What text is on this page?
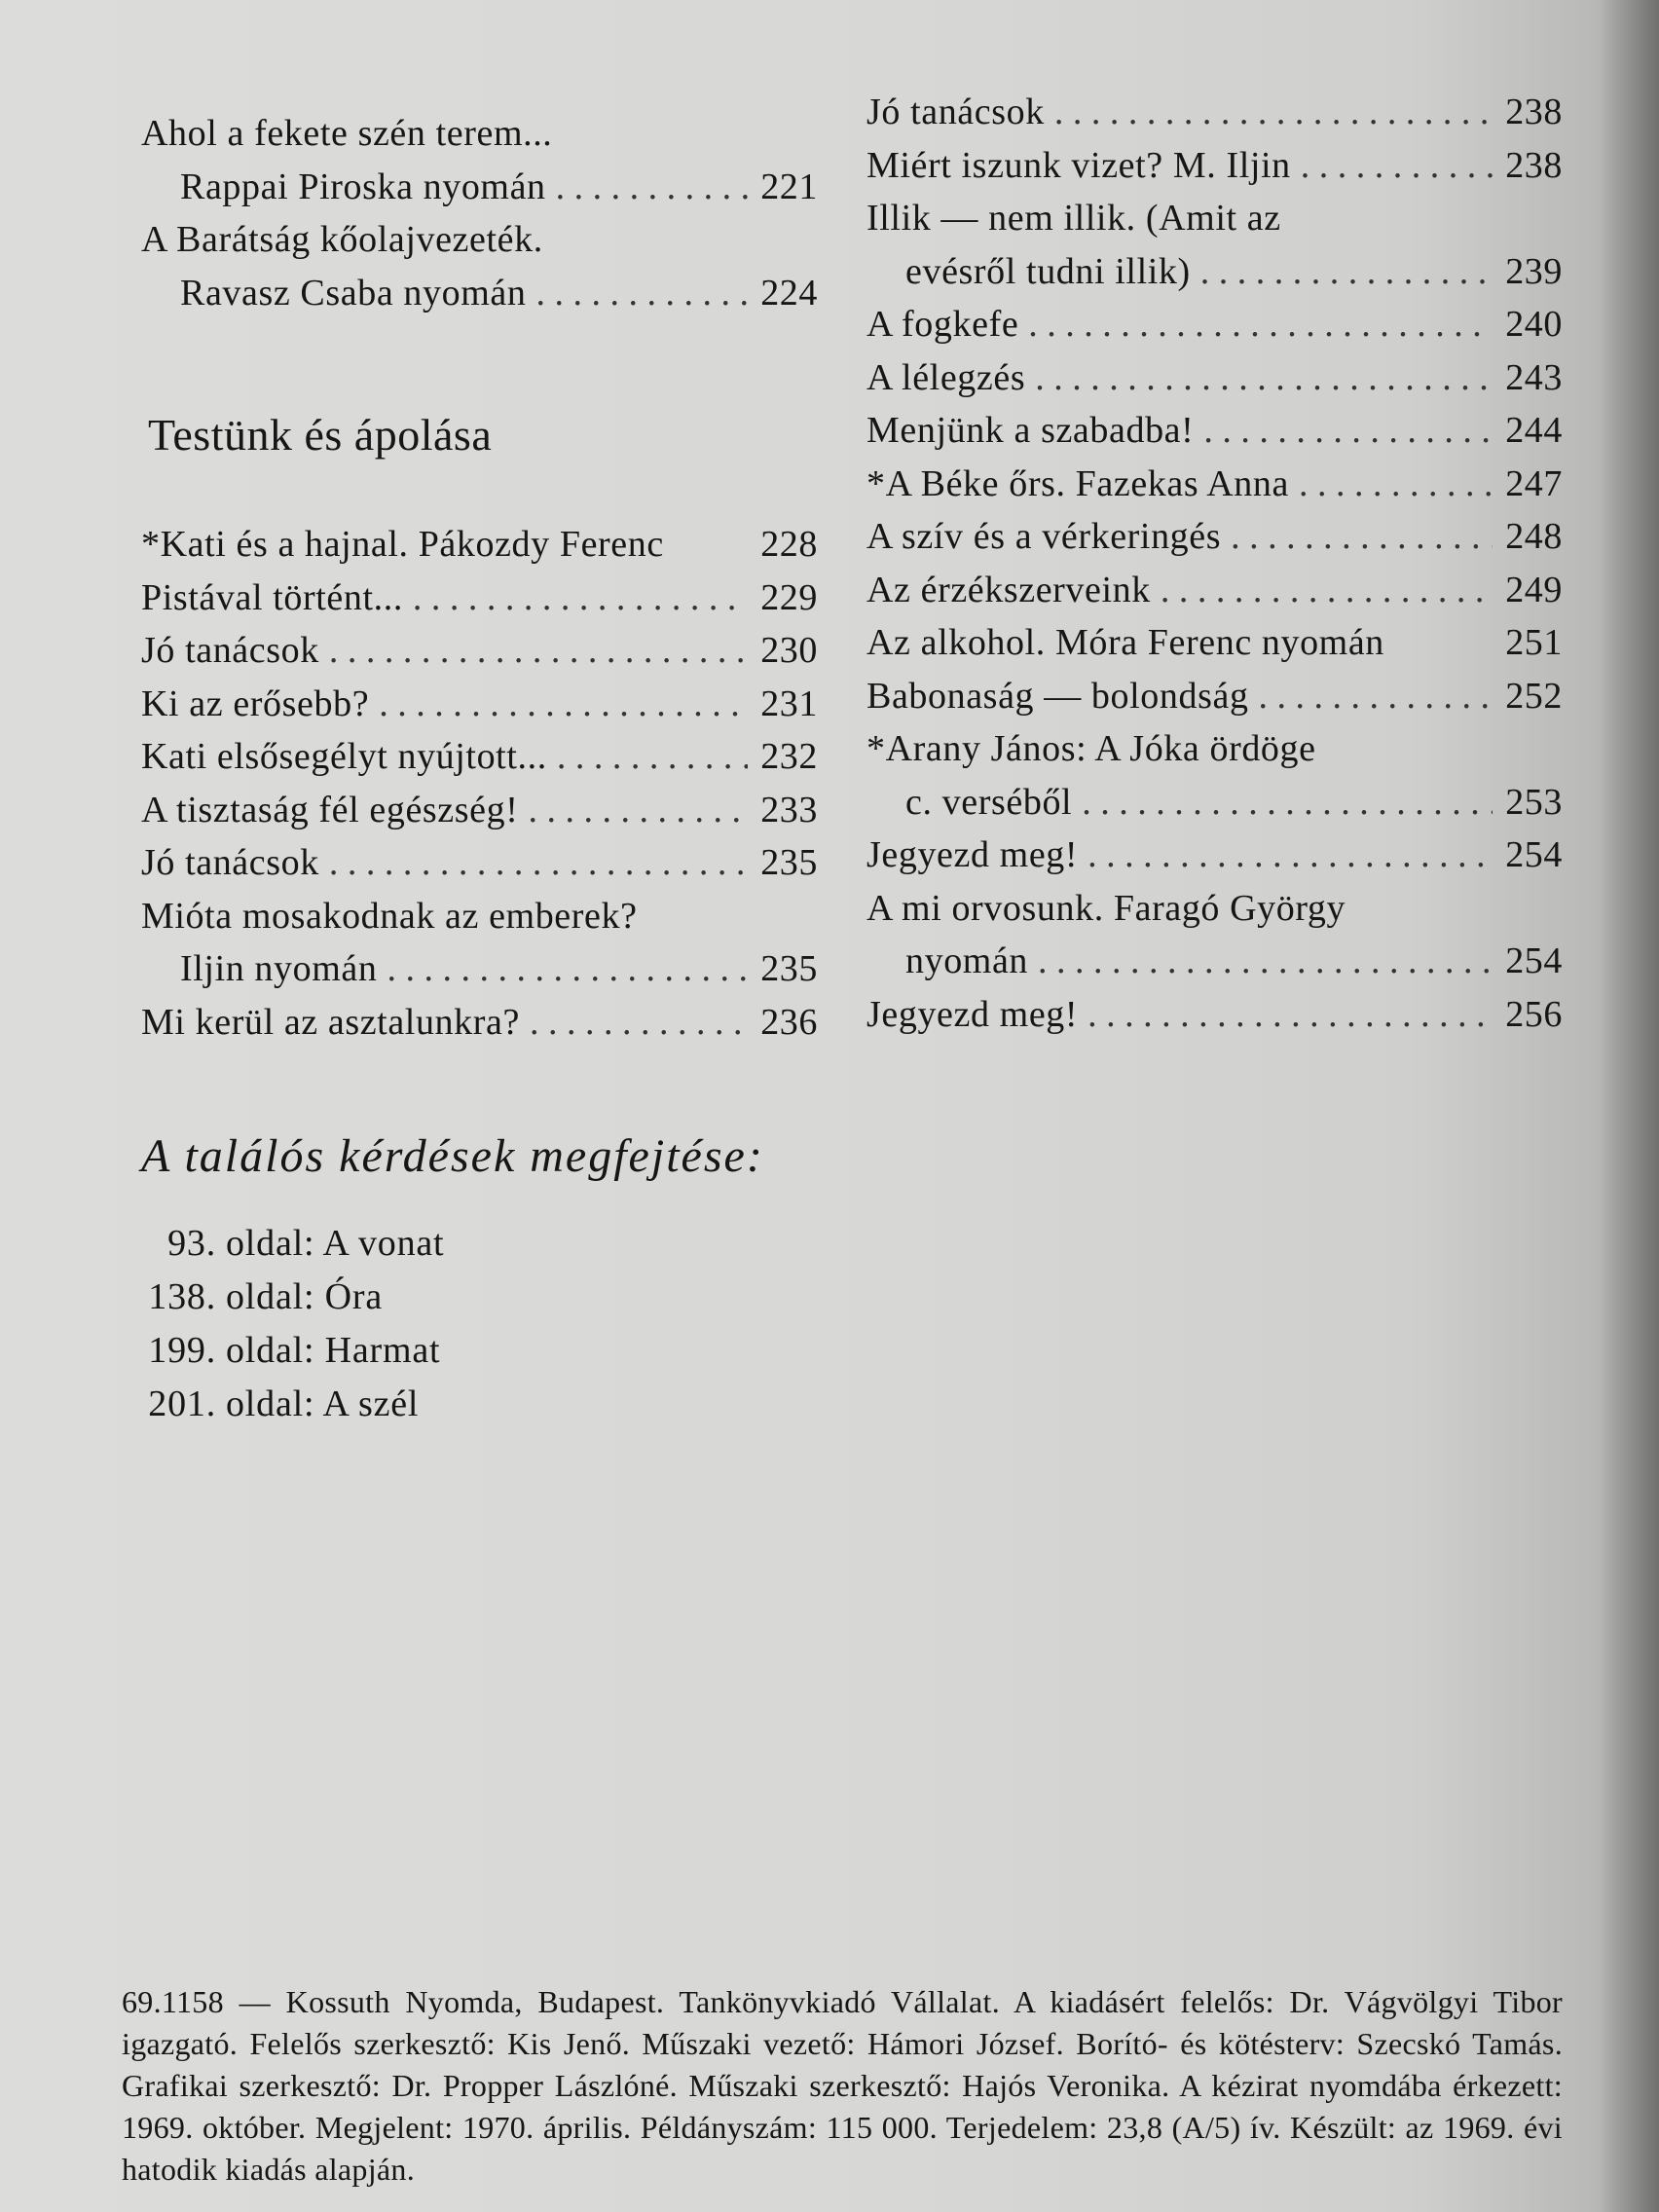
Ahol a fekete szén terem...
Rappai Piroska nyomán . . .	221
A Barátság kőolajvezeték.
Ravasz Csaba nyomán . . .	224
Testünk és ápolása
*Kati és a hajnal. Pákozdy Ferenc	228
Pistával történt... . . .	229
Jó tanácsok . . .	230
Ki az erősebb? . . .	231
Kati elsősegélyt nyújtott... . . .	232
A tisztaság fél egészség! . . .	233
Jó tanácsok . . .	235
Mióta mosakodnak az emberek?
Iljin nyomán . . .	235
Mi kerül az asztalunkra? . . .	236
Jó tanácsok . . .	238
Miért iszunk vizet? M. Iljin . . .	238
Illik — nem illik. (Amit az
evésről tudni illik) . . .	239
A fogkefe . . .	240
A lélegzés . . .	243
Menjünk a szabadba! . . .	244
*A Béke őrs. Fazekas Anna . . .	247
A szív és a vérkeringés . . .	248
Az érzékszerveink . . .	249
Az alkohol. Móra Ferenc nyomán	251
Babonaság — bolondság . . .	252
*Arany János: A Jóka ördöge
c. verséből . . .	253
Jegyezd meg! . . .	254
A mi orvosunk. Faragó György
nyomán . . .	254
Jegyezd meg! . . .	256
A találós kérdések megfejtése:
93. oldal: A vonat
138. oldal: Óra
199. oldal: Harmat
201. oldal: A szél

69.1158 — Kossuth Nyomda, Budapest. Tankönyvkiadó Vállalat. A kiadásért felelős: Dr. Vágvölgyi Tibor igazgató. Felelős szerkesztő: Kis Jenő. Műszaki vezető: Hámori József. Borító- és kötésterv: Szecskó Tamás. Grafikai szerkesztő: Dr. Propper Lászlóné. Műszaki szerkesztő: Hajós Veronika. A kézirat nyomdába érkezett: 1969. október. Megjelent: 1970. április. Példányszám: 115 000. Terjedelem: 23,8 (A/5) ív. Készült: az 1969. évi hatodik kiadás alapján.
